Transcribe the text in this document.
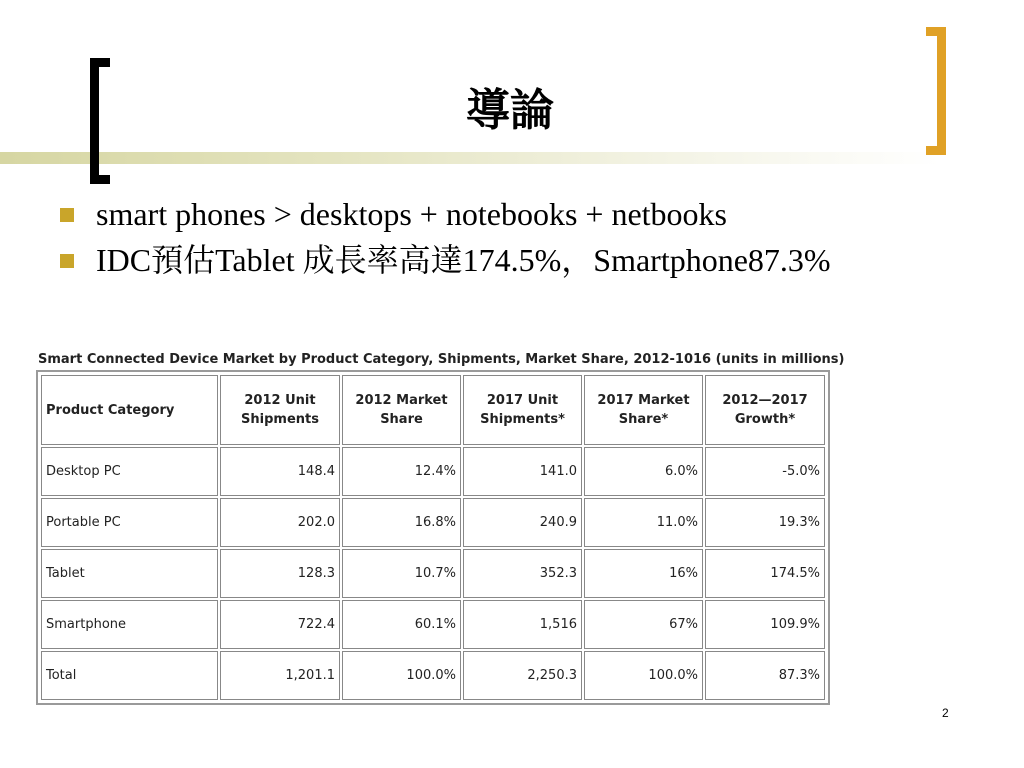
導論
smart phones > desktops + notebooks + netbooks
IDC預估Tablet 成長率高達174.5%，Smartphone87.3%
Smart Connected Device Market by Product Category, Shipments, Market Share, 2012-1016 (units in millions)
Product Category	2012 Unit Shipments	2012 Market Share	2017 Unit Shipments*	2017 Market Share*	2012—2017 Growth*
Desktop PC	148.4	12.4%	141.0	6.0%	-5.0%
Portable PC	202.0	16.8%	240.9	11.0%	19.3%
Tablet	128.3	10.7%	352.3	16%	174.5%
Smartphone	722.4	60.1%	1,516	67%	109.9%
Total	1,201.1	100.0%	2,250.3	100.0%	87.3%
2
